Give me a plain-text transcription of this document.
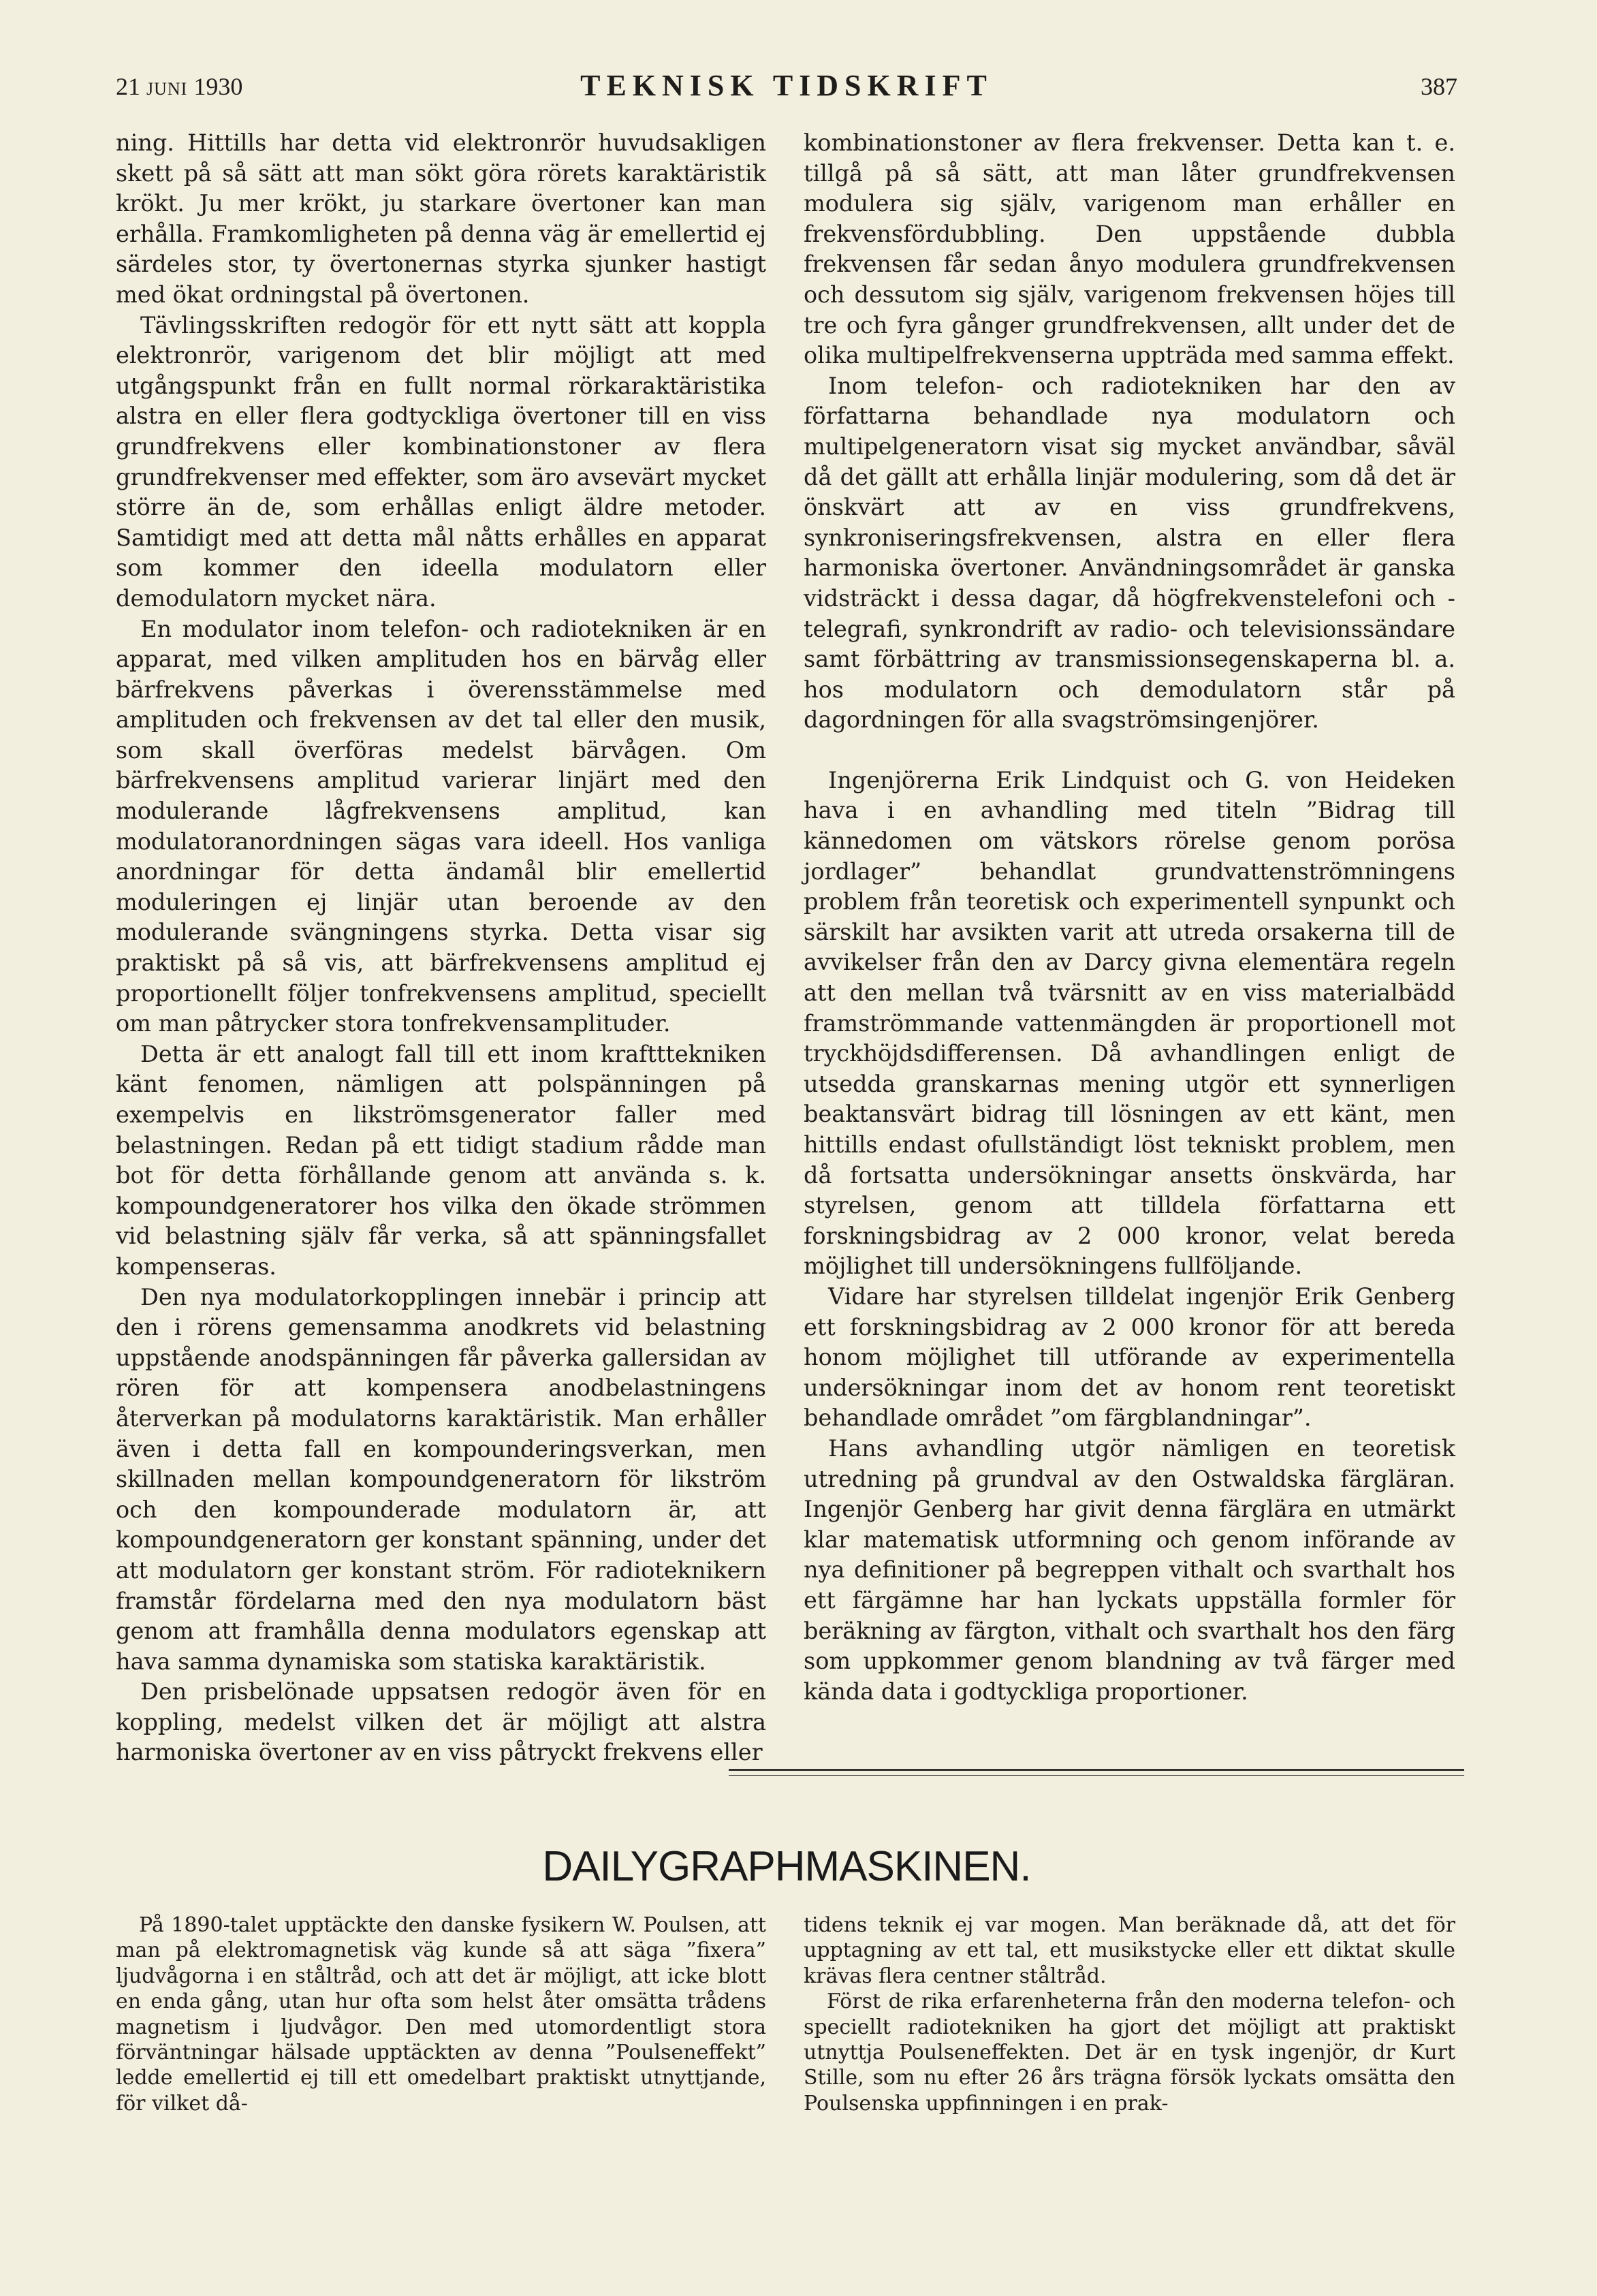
21 JUNI 1930	TEKNISK TIDSKRIFT	387

ning. Hittills har detta vid elektronrör huvudsakligen skett på så sätt att man sökt göra rörets karaktäristik krökt. Ju mer krökt, ju starkare övertoner kan man erhålla. Framkomligheten på denna väg är emellertid ej särdeles stor, ty övertonernas styrka sjunker hastigt med ökat ordningstal på övertonen.

Tävlingsskriften redogör för ett nytt sätt att koppla elektronrör, varigenom det blir möjligt att med utgångspunkt från en fullt normal rörkaraktäristika alstra en eller flera godtyckliga övertoner till en viss grundfrekvens eller kombinationstoner av flera grundfrekvenser med effekter, som äro avsevärt mycket större än de, som erhållas enligt äldre metoder. Samtidigt med att detta mål nåtts erhålles en apparat som kommer den ideella modulatorn eller demodulatorn mycket nära.

En modulator inom telefon- och radiotekniken är en apparat, med vilken amplituden hos en bärvåg eller bärfrekvens påverkas i överensstämmelse med amplituden och frekvensen av det tal eller den musik, som skall överföras medelst bärvågen. Om bärfrekvensens amplitud varierar linjärt med den modulerande lågfrekvensens amplitud, kan modulatoranordningen sägas vara ideell. Hos vanliga anordningar för detta ändamål blir emellertid moduleringen ej linjär utan beroende av den modulerande svängningens styrka. Detta visar sig praktiskt på så vis, att bärfrekvensens amplitud ej proportionellt följer tonfrekvensens amplitud, speciellt om man påtrycker stora tonfrekvensamplituder.

Detta är ett analogt fall till ett inom kraftttekniken känt fenomen, nämligen att polspänningen på exempelvis en likströmsgenerator faller med belastningen. Redan på ett tidigt stadium rådde man bot för detta förhållande genom att använda s. k. kompoundgeneratorer hos vilka den ökade strömmen vid belastning själv får verka, så att spänningsfallet kompenseras.

Den nya modulatorkopplingen innebär i princip att den i rörens gemensamma anodkrets vid belastning uppstående anodspänningen får påverka gallersidan av rören för att kompensera anodbelastningens återverkan på modulatorns karaktäristik. Man erhåller även i detta fall en kompounderingsverkan, men skillnaden mellan kompoundgeneratorn för likström och den kompounderade modulatorn är, att kompoundgeneratorn ger konstant spänning, under det att modulatorn ger konstant ström. För radioteknikern framstår fördelarna med den nya modulatorn bäst genom att framhålla denna modulators egenskap att hava samma dynamiska som statiska karaktäristik.

Den prisbelönade uppsatsen redogör även för en koppling, medelst vilken det är möjligt att alstra harmoniska övertoner av en viss påtryckt frekvens eller

kombinationstoner av flera frekvenser. Detta kan t. e. tillgå på så sätt, att man låter grundfrekvensen modulera sig själv, varigenom man erhåller en frekvensfördubbling. Den uppstående dubbla frekvensen får sedan ånyo modulera grundfrekvensen och dessutom sig själv, varigenom frekvensen höjes till tre och fyra gånger grundfrekvensen, allt under det de olika multipelfrekvenserna uppträda med samma effekt.

Inom telefon- och radiotekniken har den av författarna behandlade nya modulatorn och multipelgeneratorn visat sig mycket användbar, såväl då det gällt att erhålla linjär modulering, som då det är önskvärt att av en viss grundfrekvens, synkroniseringsfrekvensen, alstra en eller flera harmoniska övertoner. Användningsområdet är ganska vidsträckt i dessa dagar, då högfrekvenstelefoni och -telegrafi, synkrondrift av radio- och televisionssändare samt förbättring av transmissionsegenskaperna bl. a. hos modulatorn och demodulatorn står på dagordningen för alla svagströmsingenjörer.

Ingenjörerna Erik Lindquist och G. von Heideken hava i en avhandling med titeln ”Bidrag till kännedomen om vätskors rörelse genom porösa jordlager” behandlat grundvattenströmningens problem från teoretisk och experimentell synpunkt och särskilt har avsikten varit att utreda orsakerna till de avvikelser från den av Darcy givna elementära regeln att den mellan två tvärsnitt av en viss materialbädd framströmmande vattenmängden är proportionell mot tryckhöjdsdifferensen. Då avhandlingen enligt de utsedda granskarnas mening utgör ett synnerligen beaktansvärt bidrag till lösningen av ett känt, men hittills endast ofullständigt löst tekniskt problem, men då fortsatta undersökningar ansetts önskvärda, har styrelsen, genom att tilldela författarna ett forskningsbidrag av 2 000 kronor, velat bereda möjlighet till undersökningens fullföljande.

Vidare har styrelsen tilldelat ingenjör Erik Genberg ett forskningsbidrag av 2 000 kronor för att bereda honom möjlighet till utförande av experimentella undersökningar inom det av honom rent teoretiskt behandlade området ”om färgblandningar”.

Hans avhandling utgör nämligen en teoretisk utredning på grundval av den Ostwaldska färgläran. Ingenjör Genberg har givit denna färglära en utmärkt klar matematisk utformning och genom införande av nya definitioner på begreppen vithalt och svarthalt hos ett färgämne har han lyckats uppställa formler för beräkning av färgton, vithalt och svarthalt hos den färg som uppkommer genom blandning av två färger med kända data i godtyckliga proportioner.

DAILYGRAPHMASKINEN.

På 1890-talet upptäckte den danske fysikern W. Poulsen, att man på elektromagnetisk väg kunde så att säga ”fixera” ljudvågorna i en ståltråd, och att det är möjligt, att icke blott en enda gång, utan hur ofta som helst åter omsätta trådens magnetism i ljudvågor. Den med utomordentligt stora förväntningar hälsade upptäckten av denna ”Poulseneffekt” ledde emellertid ej till ett omedelbart praktiskt utnyttjande, för vilket då-

tidens teknik ej var mogen. Man beräknade då, att det för upptagning av ett tal, ett musikstycke eller ett diktat skulle krävas flera centner ståltråd.

Först de rika erfarenheterna från den moderna telefon- och speciellt radiotekniken ha gjort det möjligt att praktiskt utnyttja Poulseneffekten. Det är en tysk ingenjör, dr Kurt Stille, som nu efter 26 års trägna försök lyckats omsätta den Poulsenska uppfinningen i en prak-
